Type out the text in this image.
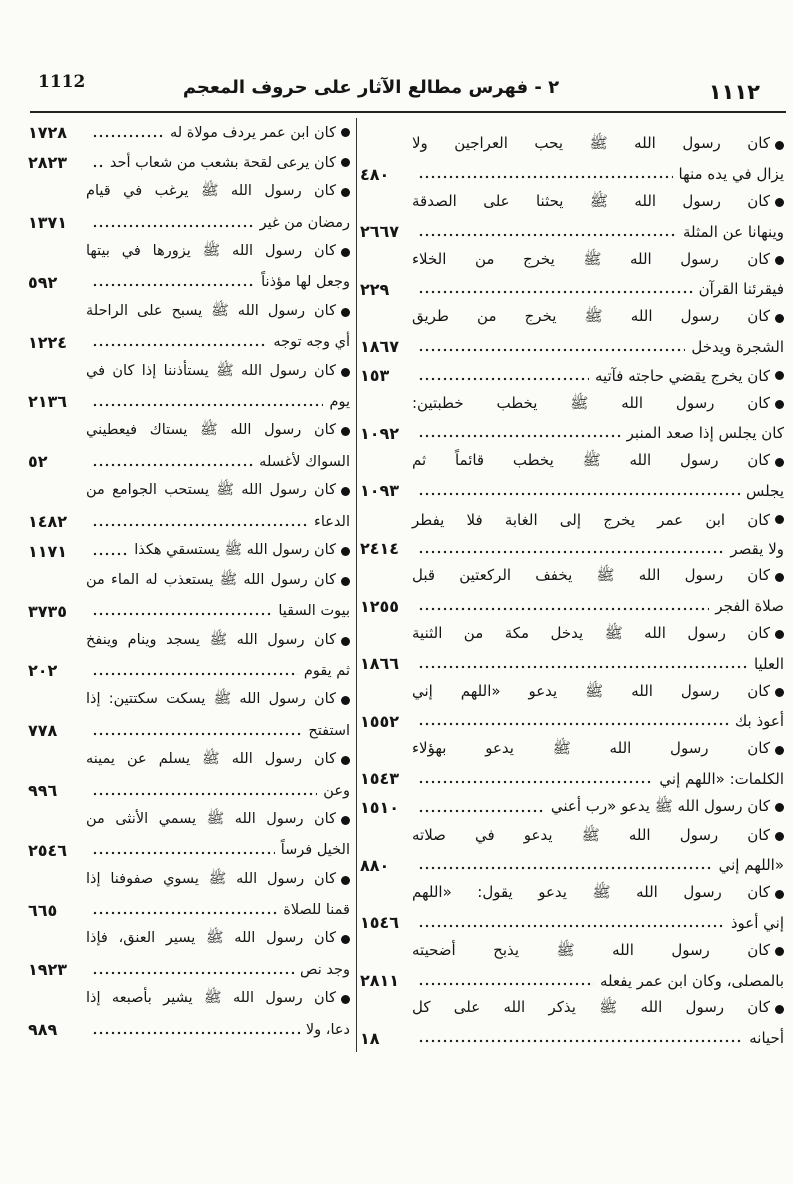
١١١٢
٢ - فهرس مطالع الآثار على حروف المعجم
1112
كان رسول الله ﷺ يحب العراجين ولا
يزال في يده منها
٤٨٠
كان رسول الله ﷺ يحثنا على الصدقة
وينهانا عن المثلة
٢٦٦٧
كان رسول الله ﷺ يخرج من الخلاء
فيقرئنا القرآن
٢٢٩
كان رسول الله ﷺ يخرج من طريق
الشجرة ويدخل
١٨٦٧
كان يخرج يقضي حاجته فآتيه
١٥٣
كان رسول الله ﷺ يخطب خطبتين:
كان يجلس إذا صعد المنبر
١٠٩٢
كان رسول الله ﷺ يخطب قائماً ثم
يجلس
١٠٩٣
كان ابن عمر يخرج إلى الغابة فلا يفطر
ولا يقصر
٢٤١٤
كان رسول الله ﷺ يخفف الركعتين قبل
صلاة الفجر
١٢٥٥
كان رسول الله ﷺ يدخل مكة من الثنية
العليا
١٨٦٦
كان رسول الله ﷺ يدعو «اللهم إني
أعوذ بك
١٥٥٢
كان رسول الله ﷺ يدعو بهؤلاء
الكلمات: «اللهم إني
١٥٤٣
كان رسول الله ﷺ يدعو «رب أعني
١٥١٠
كان رسول الله ﷺ يدعو في صلاته
«اللهم إني
٨٨٠
كان رسول الله ﷺ يدعو يقول: «اللهم
إني أعوذ
١٥٤٦
كان رسول الله ﷺ يذبح أضحيته
بالمصلى، وكان ابن عمر يفعله
٢٨١١
كان رسول الله ﷺ يذكر الله على كل
أحيانه
١٨
كان ابن عمر يردف مولاة له
١٧٢٨
كان يرعى لقحة بشعب من شعاب أحد
٢٨٢٣
كان رسول الله ﷺ يرغب في قيام
رمضان من غير
١٣٧١
كان رسول الله ﷺ يزورها في بيتها
وجعل لها مؤذناً
٥٩٢
كان رسول الله ﷺ يسبح على الراحلة
أي وجه توجه
١٢٢٤
كان رسول الله ﷺ يستأذننا إذا كان في
يوم
٢١٣٦
كان رسول الله ﷺ يستاك فيعطيني
السواك لأغسله
٥٢
كان رسول الله ﷺ يستحب الجوامع من
الدعاء
١٤٨٢
كان رسول الله ﷺ يستسقي هكذا
١١٧١
كان رسول الله ﷺ يستعذب له الماء من
بيوت السقيا
٣٧٣٥
كان رسول الله ﷺ يسجد وينام وينفخ
ثم يقوم
٢٠٢
كان رسول الله ﷺ يسكت سكتتين: إذا
استفتح
٧٧٨
كان رسول الله ﷺ يسلم عن يمينه
وعن
٩٩٦
كان رسول الله ﷺ يسمي الأنثى من
الخيل فرساً
٢٥٤٦
كان رسول الله ﷺ يسوي صفوفنا إذا
قمنا للصلاة
٦٦٥
كان رسول الله ﷺ يسير العنق، فإذا
وجد نص
١٩٢٣
كان رسول الله ﷺ يشير بأصبعه إذا
دعا، ولا
٩٨٩
